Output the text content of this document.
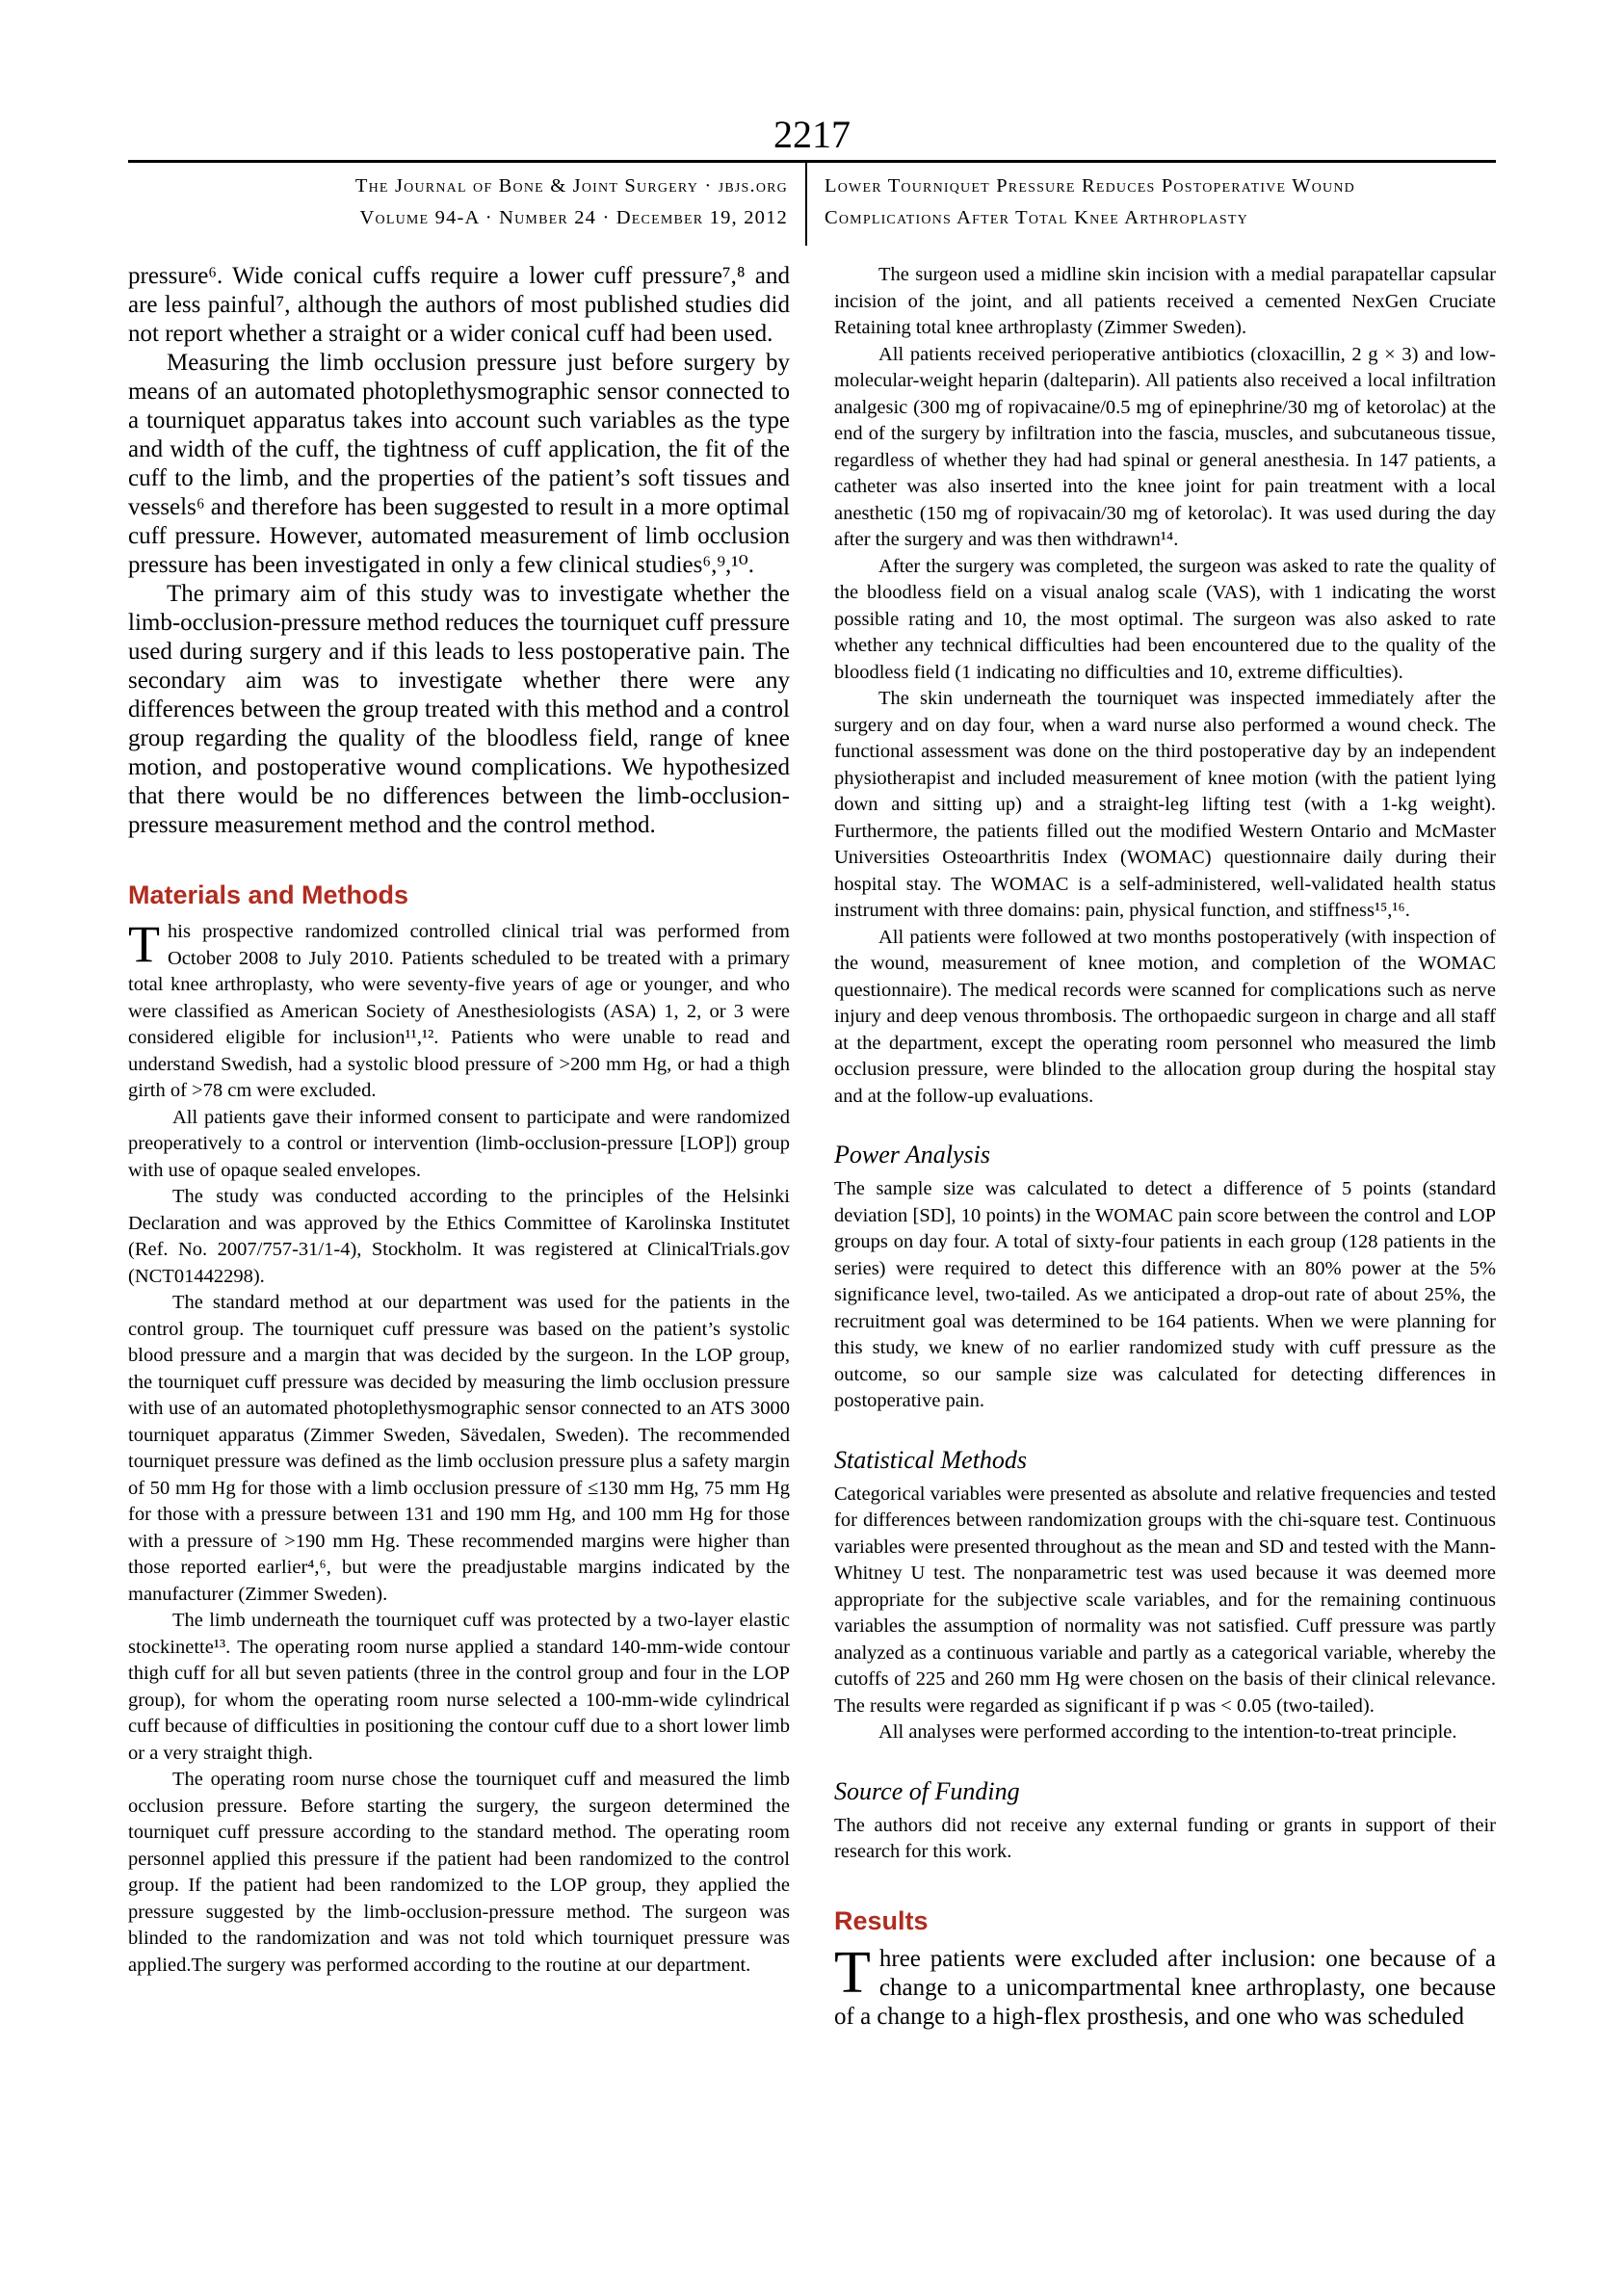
2217
The Journal of Bone & Joint Surgery · jbjs.org
Volume 94-A · Number 24 · December 19, 2012
Lower Tourniquet Pressure Reduces Postoperative Wound
Complications After Total Knee Arthroplasty

pressure⁶. Wide conical cuffs require a lower cuff pressure⁷,⁸ and are less painful⁷, although the authors of most published studies did not report whether a straight or a wider conical cuff had been used.

Measuring the limb occlusion pressure just before surgery by means of an automated photoplethysmographic sensor connected to a tourniquet apparatus takes into account such variables as the type and width of the cuff, the tightness of cuff application, the fit of the cuff to the limb, and the properties of the patient’s soft tissues and vessels⁶ and therefore has been suggested to result in a more optimal cuff pressure. However, automated measurement of limb occlusion pressure has been investigated in only a few clinical studies⁶,⁹,¹⁰.

The primary aim of this study was to investigate whether the limb-occlusion-pressure method reduces the tourniquet cuff pressure used during surgery and if this leads to less postoperative pain. The secondary aim was to investigate whether there were any differences between the group treated with this method and a control group regarding the quality of the bloodless field, range of knee motion, and postoperative wound complications. We hypothesized that there would be no differences between the limb-occlusion-pressure measurement method and the control method.

Materials and Methods

This prospective randomized controlled clinical trial was performed from October 2008 to July 2010. Patients scheduled to be treated with a primary total knee arthroplasty, who were seventy-five years of age or younger, and who were classified as American Society of Anesthesiologists (ASA) 1, 2, or 3 were considered eligible for inclusion¹¹,¹². Patients who were unable to read and understand Swedish, had a systolic blood pressure of >200 mm Hg, or had a thigh girth of >78 cm were excluded.

All patients gave their informed consent to participate and were randomized preoperatively to a control or intervention (limb-occlusion-pressure [LOP]) group with use of opaque sealed envelopes.

The study was conducted according to the principles of the Helsinki Declaration and was approved by the Ethics Committee of Karolinska Institutet (Ref. No. 2007/757-31/1-4), Stockholm. It was registered at ClinicalTrials.gov (NCT01442298).

The standard method at our department was used for the patients in the control group. The tourniquet cuff pressure was based on the patient’s systolic blood pressure and a margin that was decided by the surgeon. In the LOP group, the tourniquet cuff pressure was decided by measuring the limb occlusion pressure with use of an automated photoplethysmographic sensor connected to an ATS 3000 tourniquet apparatus (Zimmer Sweden, Sävedalen, Sweden). The recommended tourniquet pressure was defined as the limb occlusion pressure plus a safety margin of 50 mm Hg for those with a limb occlusion pressure of ≤130 mm Hg, 75 mm Hg for those with a pressure between 131 and 190 mm Hg, and 100 mm Hg for those with a pressure of >190 mm Hg. These recommended margins were higher than those reported earlier⁴,⁶, but were the preadjustable margins indicated by the manufacturer (Zimmer Sweden).

The limb underneath the tourniquet cuff was protected by a two-layer elastic stockinette¹³. The operating room nurse applied a standard 140-mm-wide contour thigh cuff for all but seven patients (three in the control group and four in the LOP group), for whom the operating room nurse selected a 100-mm-wide cylindrical cuff because of difficulties in positioning the contour cuff due to a short lower limb or a very straight thigh.

The operating room nurse chose the tourniquet cuff and measured the limb occlusion pressure. Before starting the surgery, the surgeon determined the tourniquet cuff pressure according to the standard method. The operating room personnel applied this pressure if the patient had been randomized to the control group. If the patient had been randomized to the LOP group, they applied the pressure suggested by the limb-occlusion-pressure method. The surgeon was blinded to the randomization and was not told which tourniquet pressure was applied.The surgery was performed according to the routine at our department.

The surgeon used a midline skin incision with a medial parapatellar capsular incision of the joint, and all patients received a cemented NexGen Cruciate Retaining total knee arthroplasty (Zimmer Sweden).

All patients received perioperative antibiotics (cloxacillin, 2 g × 3) and low-molecular-weight heparin (dalteparin). All patients also received a local infiltration analgesic (300 mg of ropivacaine/0.5 mg of epinephrine/30 mg of ketorolac) at the end of the surgery by infiltration into the fascia, muscles, and subcutaneous tissue, regardless of whether they had had spinal or general anesthesia. In 147 patients, a catheter was also inserted into the knee joint for pain treatment with a local anesthetic (150 mg of ropivacain/30 mg of ketorolac). It was used during the day after the surgery and was then withdrawn¹⁴.

After the surgery was completed, the surgeon was asked to rate the quality of the bloodless field on a visual analog scale (VAS), with 1 indicating the worst possible rating and 10, the most optimal. The surgeon was also asked to rate whether any technical difficulties had been encountered due to the quality of the bloodless field (1 indicating no difficulties and 10, extreme difficulties).

The skin underneath the tourniquet was inspected immediately after the surgery and on day four, when a ward nurse also performed a wound check. The functional assessment was done on the third postoperative day by an independent physiotherapist and included measurement of knee motion (with the patient lying down and sitting up) and a straight-leg lifting test (with a 1-kg weight). Furthermore, the patients filled out the modified Western Ontario and McMaster Universities Osteoarthritis Index (WOMAC) questionnaire daily during their hospital stay. The WOMAC is a self-administered, well-validated health status instrument with three domains: pain, physical function, and stiffness¹⁵,¹⁶.

All patients were followed at two months postoperatively (with inspection of the wound, measurement of knee motion, and completion of the WOMAC questionnaire). The medical records were scanned for complications such as nerve injury and deep venous thrombosis. The orthopaedic surgeon in charge and all staff at the department, except the operating room personnel who measured the limb occlusion pressure, were blinded to the allocation group during the hospital stay and at the follow-up evaluations.

Power Analysis

The sample size was calculated to detect a difference of 5 points (standard deviation [SD], 10 points) in the WOMAC pain score between the control and LOP groups on day four. A total of sixty-four patients in each group (128 patients in the series) were required to detect this difference with an 80% power at the 5% significance level, two-tailed. As we anticipated a drop-out rate of about 25%, the recruitment goal was determined to be 164 patients. When we were planning for this study, we knew of no earlier randomized study with cuff pressure as the outcome, so our sample size was calculated for detecting differences in postoperative pain.

Statistical Methods

Categorical variables were presented as absolute and relative frequencies and tested for differences between randomization groups with the chi-square test. Continuous variables were presented throughout as the mean and SD and tested with the Mann-Whitney U test. The nonparametric test was used because it was deemed more appropriate for the subjective scale variables, and for the remaining continuous variables the assumption of normality was not satisfied. Cuff pressure was partly analyzed as a continuous variable and partly as a categorical variable, whereby the cutoffs of 225 and 260 mm Hg were chosen on the basis of their clinical relevance. The results were regarded as significant if p was < 0.05 (two-tailed).

All analyses were performed according to the intention-to-treat principle.

Source of Funding

The authors did not receive any external funding or grants in support of their research for this work.

Results

Three patients were excluded after inclusion: one because of a change to a unicompartmental knee arthroplasty, one because of a change to a high-flex prosthesis, and one who was scheduled
